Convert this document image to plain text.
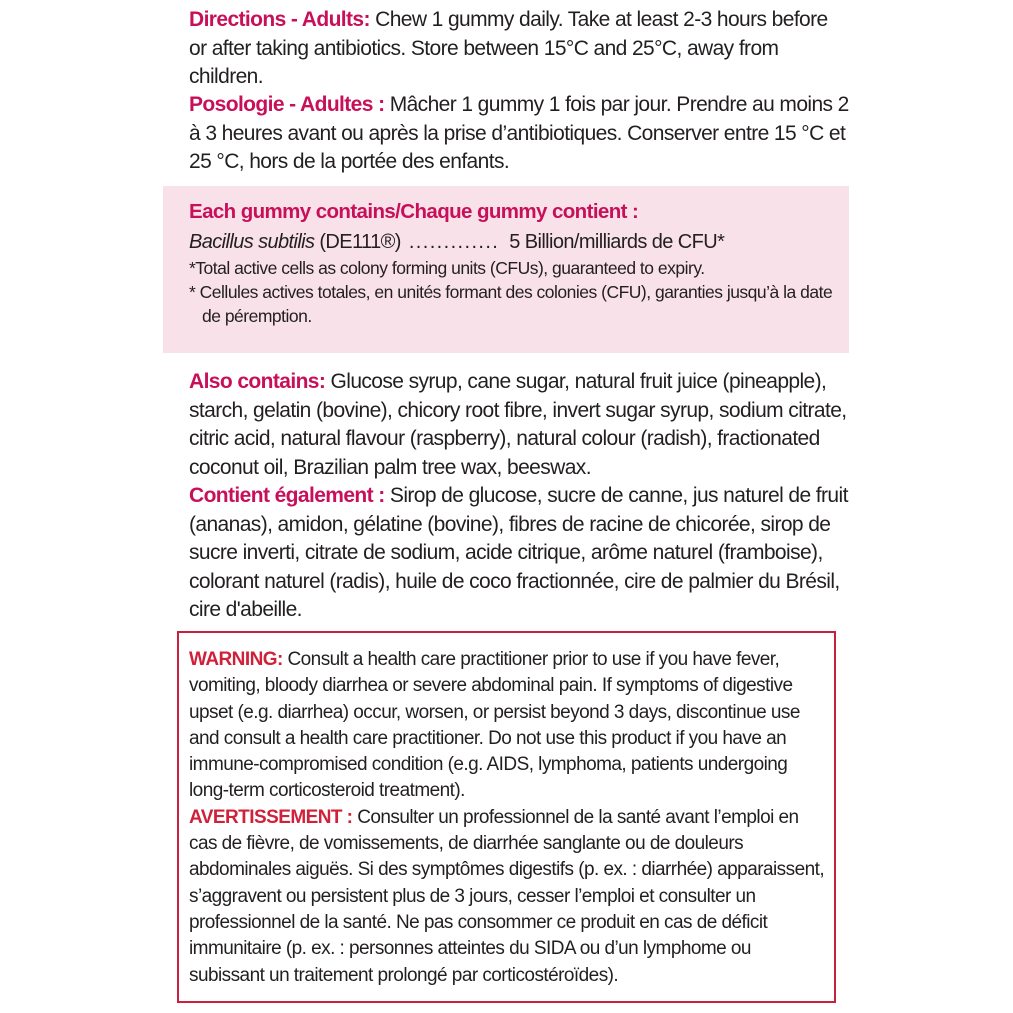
Directions - Adults: Chew 1 gummy daily. Take at least 2-3 hours before or after taking antibiotics. Store between 15°C and 25°C, away from children.
Posologie - Adultes : Mâcher 1 gummy 1 fois par jour. Prendre au moins 2 à 3 heures avant ou après la prise d’antibiotiques. Conserver entre 15 °C et 25 °C, hors de la portée des enfants.
Each gummy contains/Chaque gummy contient :
Bacillus subtilis (DE111®) ............. 5 Billion/milliards de CFU*
*Total active cells as colony forming units (CFUs), guaranteed to expiry.
* Cellules actives totales, en unités formant des colonies (CFU), garanties jusqu’à la date de péremption.
Also contains: Glucose syrup, cane sugar, natural fruit juice (pineapple), starch, gelatin (bovine), chicory root fibre, invert sugar syrup, sodium citrate, citric acid, natural flavour (raspberry), natural colour (radish), fractionated coconut oil, Brazilian palm tree wax, beeswax.
Contient également : Sirop de glucose, sucre de canne, jus naturel de fruit (ananas), amidon, gélatine (bovine), fibres de racine de chicorée, sirop de sucre inverti, citrate de sodium, acide citrique, arôme naturel (framboise), colorant naturel (radis), huile de coco fractionnée, cire de palmier du Brésil, cire d'abeille.
WARNING: Consult a health care practitioner prior to use if you have fever, vomiting, bloody diarrhea or severe abdominal pain. If symptoms of digestive upset (e.g. diarrhea) occur, worsen, or persist beyond 3 days, discontinue use and consult a health care practitioner. Do not use this product if you have an immune-compromised condition (e.g. AIDS, lymphoma, patients undergoing long-term corticosteroid treatment).
AVERTISSEMENT : Consulter un professionnel de la santé avant l’emploi en cas de fièvre, de vomissements, de diarrhée sanglante ou de douleurs abdominales aiguës. Si des symptômes digestifs (p. ex. : diarrhée) apparaissent, s’aggravent ou persistent plus de 3 jours, cesser l’emploi et consulter un professionnel de la santé. Ne pas consommer ce produit en cas de déficit immunitaire (p. ex. : personnes atteintes du SIDA ou d’un lymphome ou subissant un traitement prolongé par corticostéroïdes).
